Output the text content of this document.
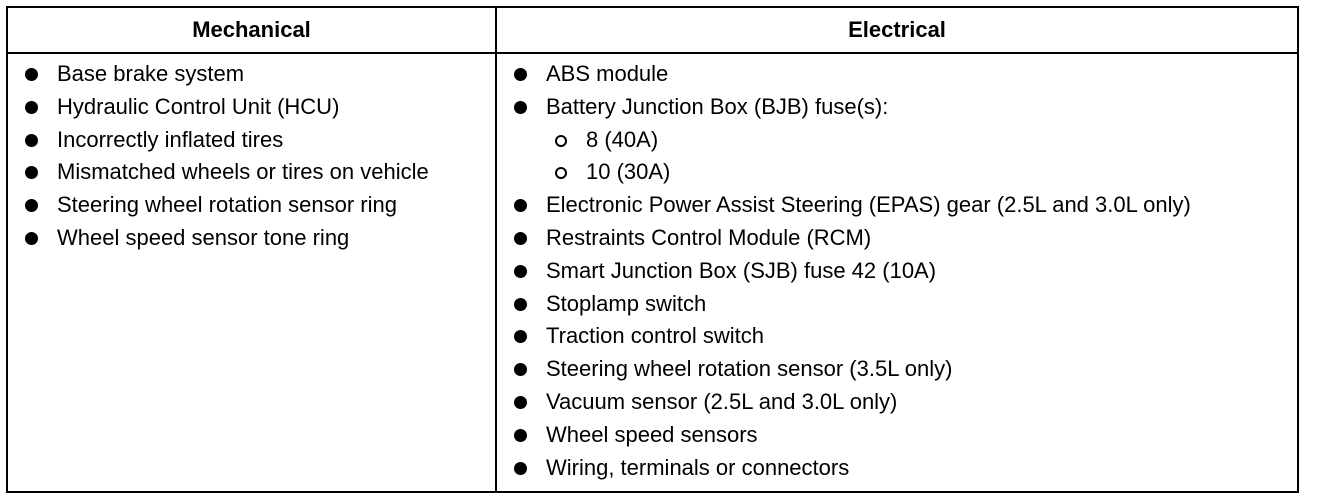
Mechanical	Electrical
Base brake system
Hydraulic Control Unit (HCU)
Incorrectly inflated tires
Mismatched wheels or tires on vehicle
Steering wheel rotation sensor ring
Wheel speed sensor tone ring
ABS module
Battery Junction Box (BJB) fuse(s):
8 (40A)
10 (30A)
Electronic Power Assist Steering (EPAS) gear (2.5L and 3.0L only)
Restraints Control Module (RCM)
Smart Junction Box (SJB) fuse 42 (10A)
Stoplamp switch
Traction control switch
Steering wheel rotation sensor (3.5L only)
Vacuum sensor (2.5L and 3.0L only)
Wheel speed sensors
Wiring, terminals or connectors
